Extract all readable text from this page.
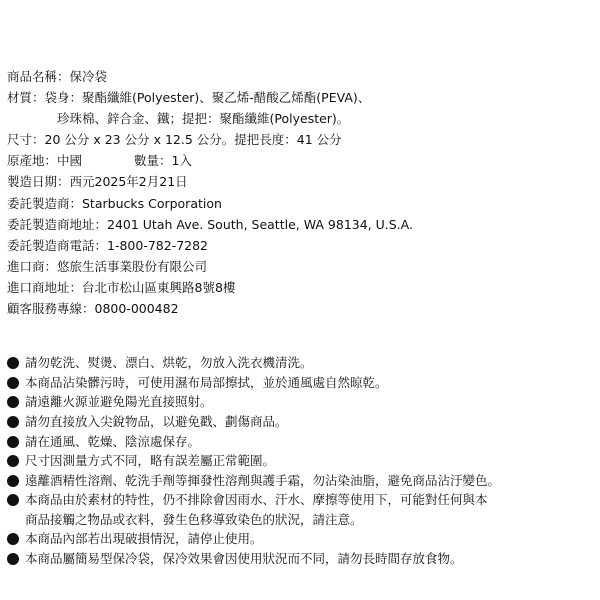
商品名稱：保冷袋
材質：袋身：聚酯纖維(Polyester)、聚乙烯-醋酸乙烯酯(PEVA)、
珍珠棉、鋅合金、鐵；提把：聚酯纖維(Polyester)。
尺寸：20 公分 x 23 公分 x 12.5 公分。提把長度：41 公分
原產地：中國	數量：1入
製造日期：西元2025年2月21日
委託製造商：Starbucks Corporation
委託製造商地址：2401 Utah Ave. South, Seattle, WA 98134, U.S.A.
委託製造商電話：1-800-782-7282
進口商：悠旅生活事業股份有限公司
進口商地址：台北市松山區東興路8號8樓
顧客服務專線：0800-000482
請勿乾洗、熨燙、漂白、烘乾，勿放入洗衣機清洗。
本商品沾染髒污時，可使用濕布局部擦拭，並於通風處自然晾乾。
請遠離火源並避免陽光直接照射。
請勿直接放入尖銳物品，以避免戳、劃傷商品。
請在通風、乾燥、陰涼處保存。
尺寸因測量方式不同，略有誤差屬正常範圍。
遠離酒精性溶劑、乾洗手劑等揮發性溶劑與護手霜，勿沾染油脂，避免商品沾汙變色。
本商品由於素材的特性，仍不排除會因雨水、汗水、摩擦等使用下，可能對任何與本
商品接觸之物品或衣料，發生色移導致染色的狀況，請注意。
本商品內部若出現破損情況，請停止使用。
本商品屬簡易型保冷袋，保冷效果會因使用狀況而不同，請勿長時間存放食物。
